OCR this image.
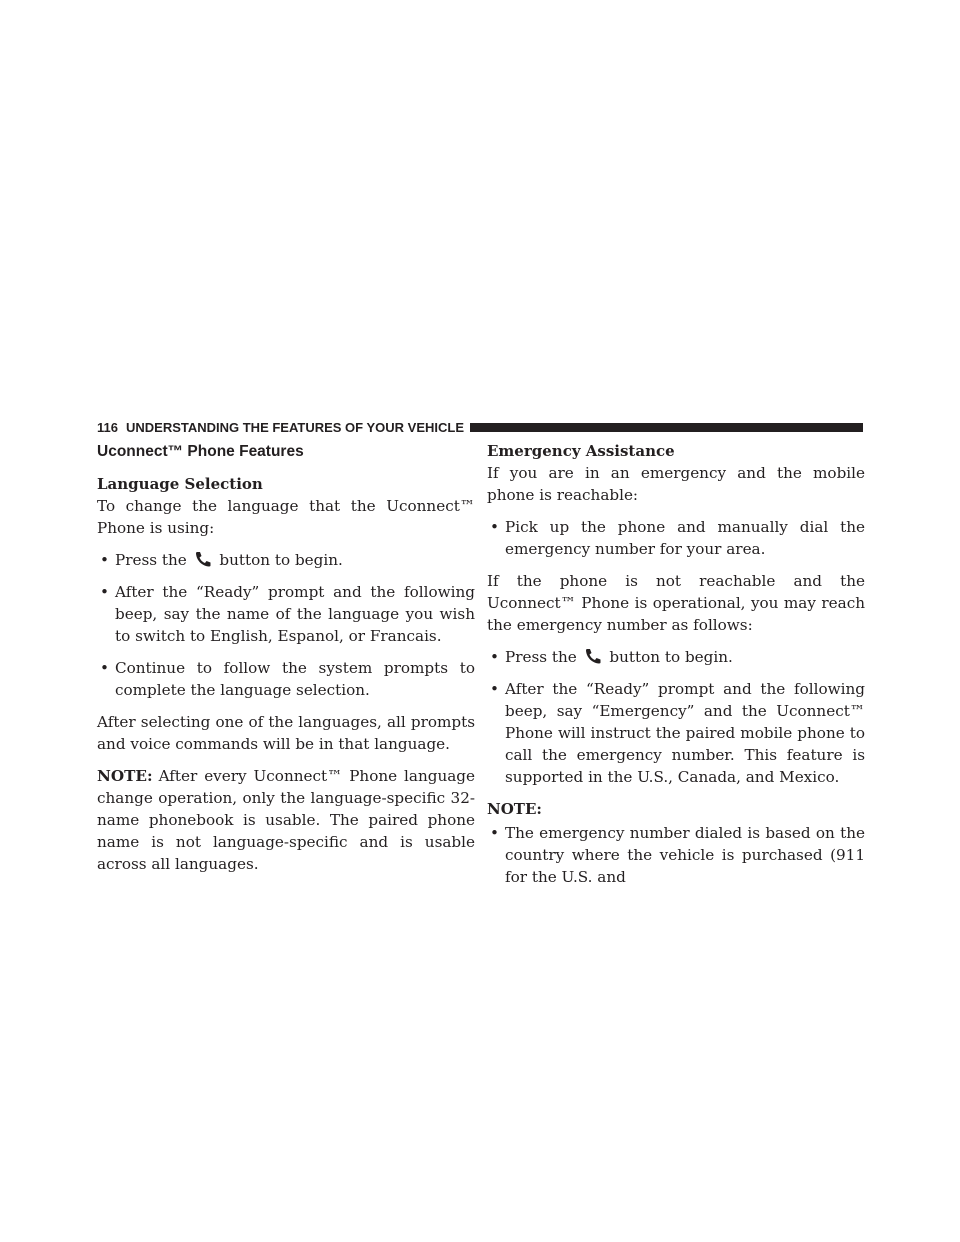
116 UNDERSTANDING THE FEATURES OF YOUR VEHICLE
Uconnect™ Phone Features
Language Selection

To change the language that the Uconnect™ Phone is using:

• Press the button to begin.
• After the “Ready” prompt and the following beep, say the name of the language you wish to switch to English, Espanol, or Francais.
• Continue to follow the system prompts to complete the language selection.

After selecting one of the languages, all prompts and voice commands will be in that language.

NOTE: After every Uconnect™ Phone language change operation, only the language-specific 32-name phonebook is usable. The paired phone name is not language-specific and is usable across all languages.

Emergency Assistance

If you are in an emergency and the mobile phone is reachable:

• Pick up the phone and manually dial the emergency number for your area.

If the phone is not reachable and the Uconnect™ Phone is operational, you may reach the emergency number as follows:

• Press the button to begin.
• After the “Ready” prompt and the following beep, say “Emergency” and the Uconnect™ Phone will instruct the paired mobile phone to call the emergency number. This feature is supported in the U.S., Canada, and Mexico.
NOTE:
• The emergency number dialed is based on the country where the vehicle is purchased (911 for the U.S. and
